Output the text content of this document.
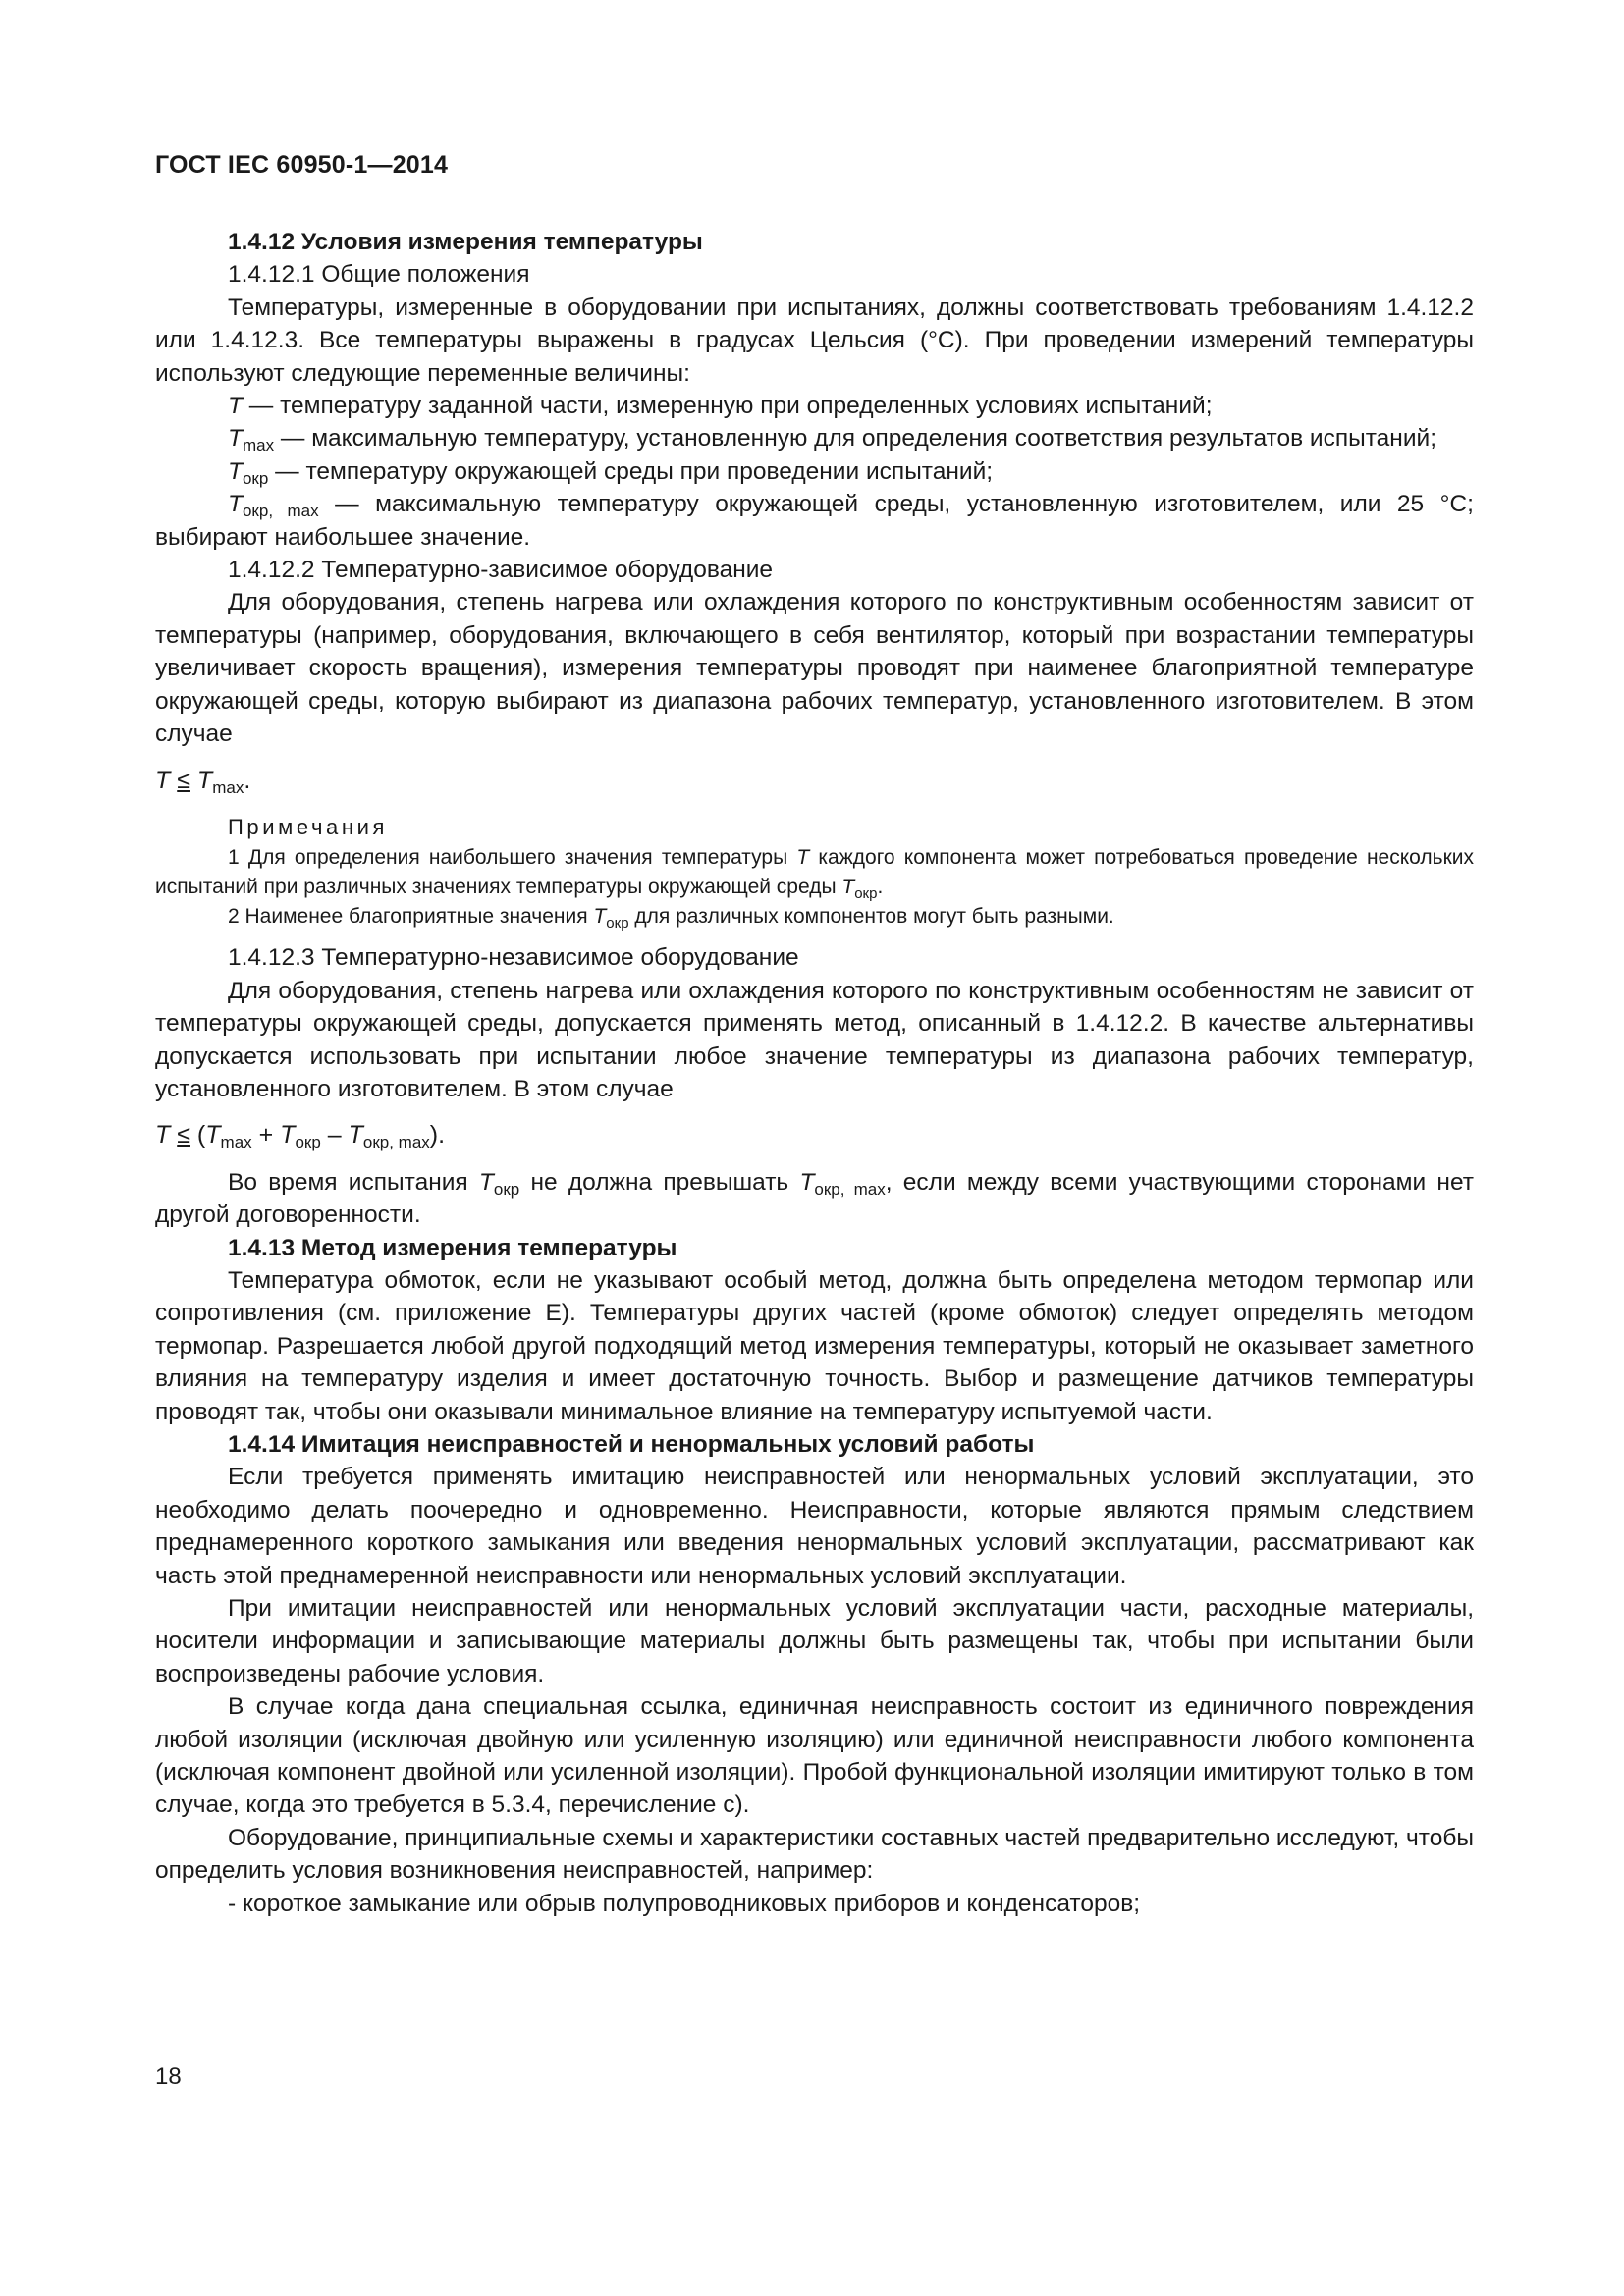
ГОСТ IEC 60950-1—2014

1.4.12 Условия измерения температуры

1.4.12.1 Общие положения

Температуры, измеренные в оборудовании при испытаниях, должны соответствовать требованиям 1.4.12.2 или 1.4.12.3. Все температуры выражены в градусах Цельсия (°C). При проведении измерений температуры используют следующие переменные величины:

T — температуру заданной части, измеренную при определенных условиях испытаний;

$T_{max}$ — максимальную температуру, установленную для определения соответствия результатов испытаний;

$T_{окр}$ — температуру окружающей среды при проведении испытаний;

$T_{окр, max}$ — максимальную температуру окружающей среды, установленную изготовителем, или 25 °С; выбирают наибольшее значение.

1.4.12.2 Температурно-зависимое оборудование

Для оборудования, степень нагрева или охлаждения которого по конструктивным особенностям зависит от температуры (например, оборудования, включающего в себя вентилятор, который при возрастании температуры увеличивает скорость вращения), измерения температуры проводят при наименее благоприятной температуре окружающей среды, которую выбирают из диапазона рабочих температур, установленного изготовителем. В этом случае

$T \le T_{max}$.

Примечания

1 Для определения наибольшего значения температуры T каждого компонента может потребоваться проведение нескольких испытаний при различных значениях температуры окружающей среды $T_{окр}$.

2 Наименее благоприятные значения $T_{окр}$ для различных компонентов могут быть разными.

1.4.12.3 Температурно-независимое оборудование

Для оборудования, степень нагрева или охлаждения которого по конструктивным особенностям не зависит от температуры окружающей среды, допускается применять метод, описанный в 1.4.12.2. В качестве альтернативы допускается использовать при испытании любое значение температуры из диапазона рабочих температур, установленного изготовителем. В этом случае

$T \le (T_{max} + T_{окр} - T_{окр, max})$.

Во время испытания $T_{окр}$ не должна превышать $T_{окр, max}$, если между всеми участвующими сторонами нет другой договоренности.

1.4.13 Метод измерения температуры

Температура обмоток, если не указывают особый метод, должна быть определена методом термопар или сопротивления (см. приложение Е). Температуры других частей (кроме обмоток) следует определять методом термопар. Разрешается любой другой подходящий метод измерения температуры, который не оказывает заметного влияния на температуру изделия и имеет достаточную точность. Выбор и размещение датчиков температуры проводят так, чтобы они оказывали минимальное влияние на температуру испытуемой части.

1.4.14 Имитация неисправностей и ненормальных условий работы

Если требуется применять имитацию неисправностей или ненормальных условий эксплуатации, это необходимо делать поочередно и одновременно. Неисправности, которые являются прямым следствием преднамеренного короткого замыкания или введения ненормальных условий эксплуатации, рассматривают как часть этой преднамеренной неисправности или ненормальных условий эксплуатации.

При имитации неисправностей или ненормальных условий эксплуатации части, расходные материалы, носители информации и записывающие материалы должны быть размещены так, чтобы при испытании были воспроизведены рабочие условия.

В случае когда дана специальная ссылка, единичная неисправность состоит из единичного повреждения любой изоляции (исключая двойную или усиленную изоляцию) или единичной неисправности любого компонента (исключая компонент двойной или усиленной изоляции). Пробой функциональной изоляции имитируют только в том случае, когда это требуется в 5.3.4, перечисление с).

Оборудование, принципиальные схемы и характеристики составных частей предварительно исследуют, чтобы определить условия возникновения неисправностей, например:

- короткое замыкание или обрыв полупроводниковых приборов и конденсаторов;

18
